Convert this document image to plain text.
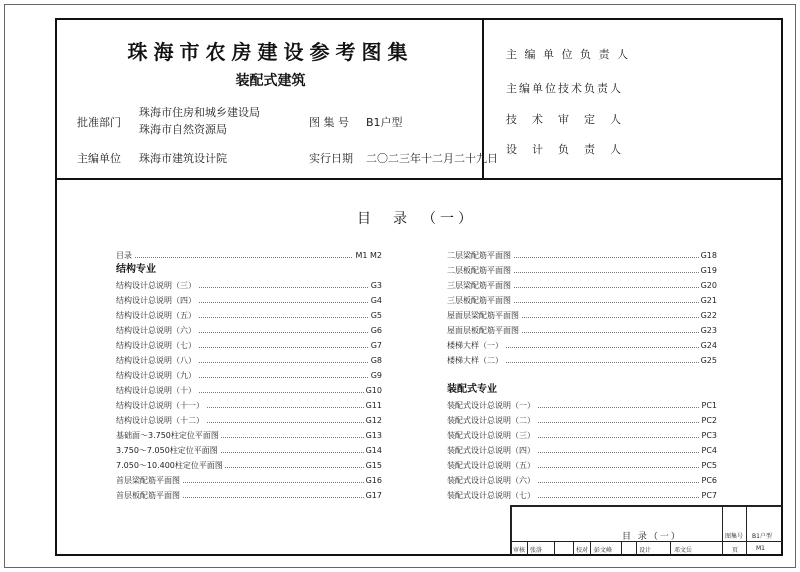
珠海市农房建设参考图集
装配式建筑
批准部门
珠海市住房和城乡建设局
珠海市自然资源局
主编单位 珠海市建筑设计院
图 集 号 B1户型
实行日期 二〇二三年十二月二十九日
主 编 单 位 负 责 人
主编单位技术负责人
技　术　审　定　人
设　计　负　责　人
目　录　（一）
目录	M1 M2
结构专业
结构设计总说明（三）	G3
结构设计总说明（四）	G4
结构设计总说明（五）	G5
结构设计总说明（六）	G6
结构设计总说明（七）	G7
结构设计总说明（八）	G8
结构设计总说明（九）	G9
结构设计总说明（十）	G10
结构设计总说明（十一）	G11
结构设计总说明（十二）	G12
基础面～3.750柱定位平面图	G13
3.750～7.050柱定位平面图	G14
7.050～10.400柱定位平面图	G15
首层梁配筋平面图	G16
首层板配筋平面图	G17
二层梁配筋平面图	G18
二层板配筋平面图	G19
三层梁配筋平面图	G20
三层板配筋平面图	G21
屋面层梁配筋平面图	G22
屋面层板配筋平面图	G23
楼梯大样（一）	G24
楼梯大样（二）	G25
装配式专业
装配式设计总说明（一）	PC1
装配式设计总说明（二）	PC2
装配式设计总说明（三）	PC3
装配式设计总说明（四）	PC4
装配式设计总说明（五）	PC5
装配式设计总说明（六）	PC6
装配式设计总说明（七）	PC7
目 录（一）	图集号 B1户型
审核 张洛	校对 彭文峰	设计	邓文岳	页	M1
